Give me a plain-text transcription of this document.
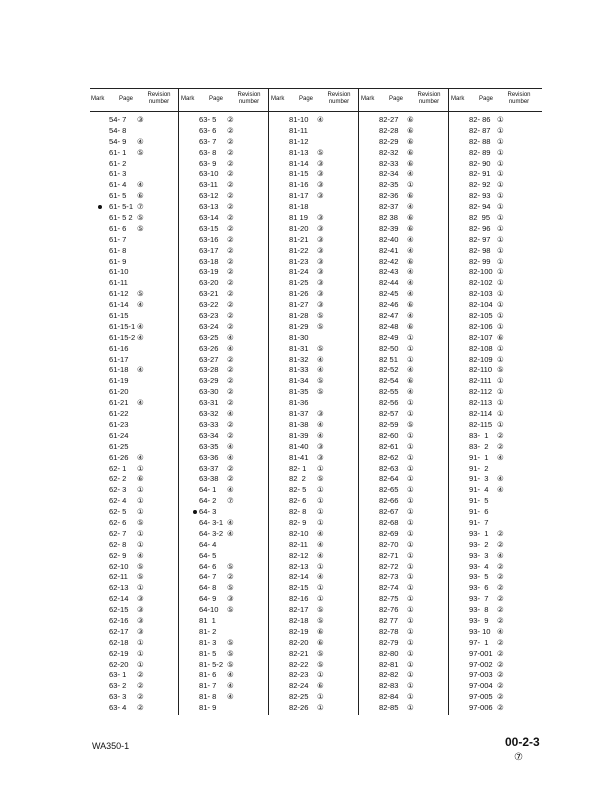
Mark Page
Revision number
Mark Page
Revision number
Mark Page
Revision number
Mark Page
Revision number
Mark Page
Revision number
54- 7 ③
54- 8
54- 9 ④
61- 1 ⑤
61- 2
61- 3
61- 4 ④
61- 5 ⑥
61- 5-1 ⑦
61- 5 2 ⑤
61- 6 ⑤
61- 7
61- 8
61- 9
61-10
61-11
61-12 ⑤
61-14 ④
61-15
61-15-1 ④
61-15-2 ④
61-16
61-17
61-18 ④
61-19
61-20
61-21 ④
61-22
61-23
61-24
61-25
61-26 ④
62- 1 ①
62- 2 ⑥
62- 3 ①
62- 4 ①
62- 5 ①
62- 6 ⑤
62- 7 ①
62- 8 ①
62- 9 ④
62-10 ⑤
62-11 ⑤
62-13 ①
62-14 ③
62-15 ③
62-16 ③
62-17 ③
62-18 ①
62-19 ①
62-20 ①
63- 1 ②
63- 2 ②
63- 3 ②
63- 4 ②
63- 5 ②
63- 6 ②
63- 7 ②
63- 8 ②
63- 9 ②
63-10 ②
63-11 ②
63-12 ②
63-13 ②
63-14 ②
63-15 ②
63-16 ②
63-17 ②
63-18 ②
63-19 ②
63-20 ②
63-21 ②
63-22 ②
63-23 ②
63-24 ②
63-25 ④
63-26 ④
63-27 ②
63-28 ②
63-29 ②
63-30 ②
63-31 ②
63-32 ④
63-33 ②
63-34 ②
63-35 ④
63-36 ④
63-37 ②
63-38 ②
64- 1 ④
64- 2 ⑦
64- 3
64- 3-1 ④
64- 3-2 ④
64- 4
64- 5
64- 6 ⑤
64- 7 ②
64- 8 ⑤
64- 9 ③
64-10 ⑤
81  1
81- 2
81- 3 ⑤
81- 5 ⑤
81- 5-2 ⑤
81- 6 ④
81- 7 ④
81- 8 ④
81- 9
81-10 ④
81-11
81-12
81-13 ⑤
81-14 ③
81-15 ③
81-16 ③
81-17 ③
81-18
81 19 ③
81-20 ③
81-21 ③
81-22 ③
81-23 ③
81-24 ③
81-25 ③
81-26 ③
81-27 ③
81-28 ⑤
81-29 ⑤
81-30
81-31 ⑤
81-32 ④
81-33 ④
81-34 ⑤
81-35 ⑤
81-36
81-37 ③
81-38 ④
81-39 ④
81-40 ③
81-41 ③
82- 1 ①
82  2 ⑤
82- 5 ①
82- 6 ①
82- 8 ①
82- 9 ①
82-10 ④
82-11 ④
82-12 ④
82-13 ①
82-14 ④
82-15 ①
82-16 ①
82-17 ⑤
82-18 ⑤
82-19 ⑥
82-20 ⑥
82-21 ⑤
82-22 ⑤
82-23 ①
82-24 ⑥
82-25 ①
82-26 ①
82-27 ⑥
82-28 ⑥
82-29 ⑥
82-32 ⑥
82-33 ⑥
82-34 ④
82-35 ①
82-36 ⑥
82-37 ④
82 38 ⑥
82-39 ⑥
82-40 ④
82-41 ④
82-42 ⑥
82-43 ④
82-44 ④
82-45 ④
82-46 ⑥
82-47 ④
82-48 ⑥
82-49 ①
82-50 ①
82 51 ①
82-52 ④
82-54 ⑥
82-55 ④
82-56 ①
82-57 ①
82-59 ⑤
82-60 ①
82-61 ①
82-62 ①
82-63 ①
82-64 ①
82-65 ①
82-66 ①
82-67 ①
82-68 ①
82-69 ①
82-70 ①
82-71 ①
82-72 ①
82-73 ①
82-74 ①
82-75 ①
82-76 ①
82 77 ①
82-78 ①
82-79 ①
82-80 ①
82-81 ①
82-82 ①
82-83 ①
82-84 ①
82-85 ①
82- 86 ①
82- 87 ①
82- 88 ①
82- 89 ①
82- 90 ①
82- 91 ①
82- 92 ①
82- 93 ①
82- 94 ①
82  95 ①
82- 96 ①
82- 97 ①
82- 98 ①
82- 99 ①
82-100 ①
82-102 ①
82-103 ①
82-104 ①
82-105 ①
82-106 ①
82-107 ⑥
82-108 ①
82-109 ①
82-110 ⑤
82-111 ①
82-112 ①
82-113 ①
82-114 ①
82-115 ①
83-  1 ②
83-  2 ②
91-  1 ④
91-  2
91-  3 ④
91-  4 ④
91-  5
91-  6
91-  7
93-  1 ②
93-  2 ②
93-  3 ④
93-  4 ②
93-  5 ②
93-  6 ②
93-  7 ②
93-  8 ②
93-  9 ②
93- 10 ④
97-  1 ②
97-001 ②
97-002 ②
97-003 ②
97-004 ②
97-005 ②
97-006 ②
WA350-1	00-2-3
⑦
